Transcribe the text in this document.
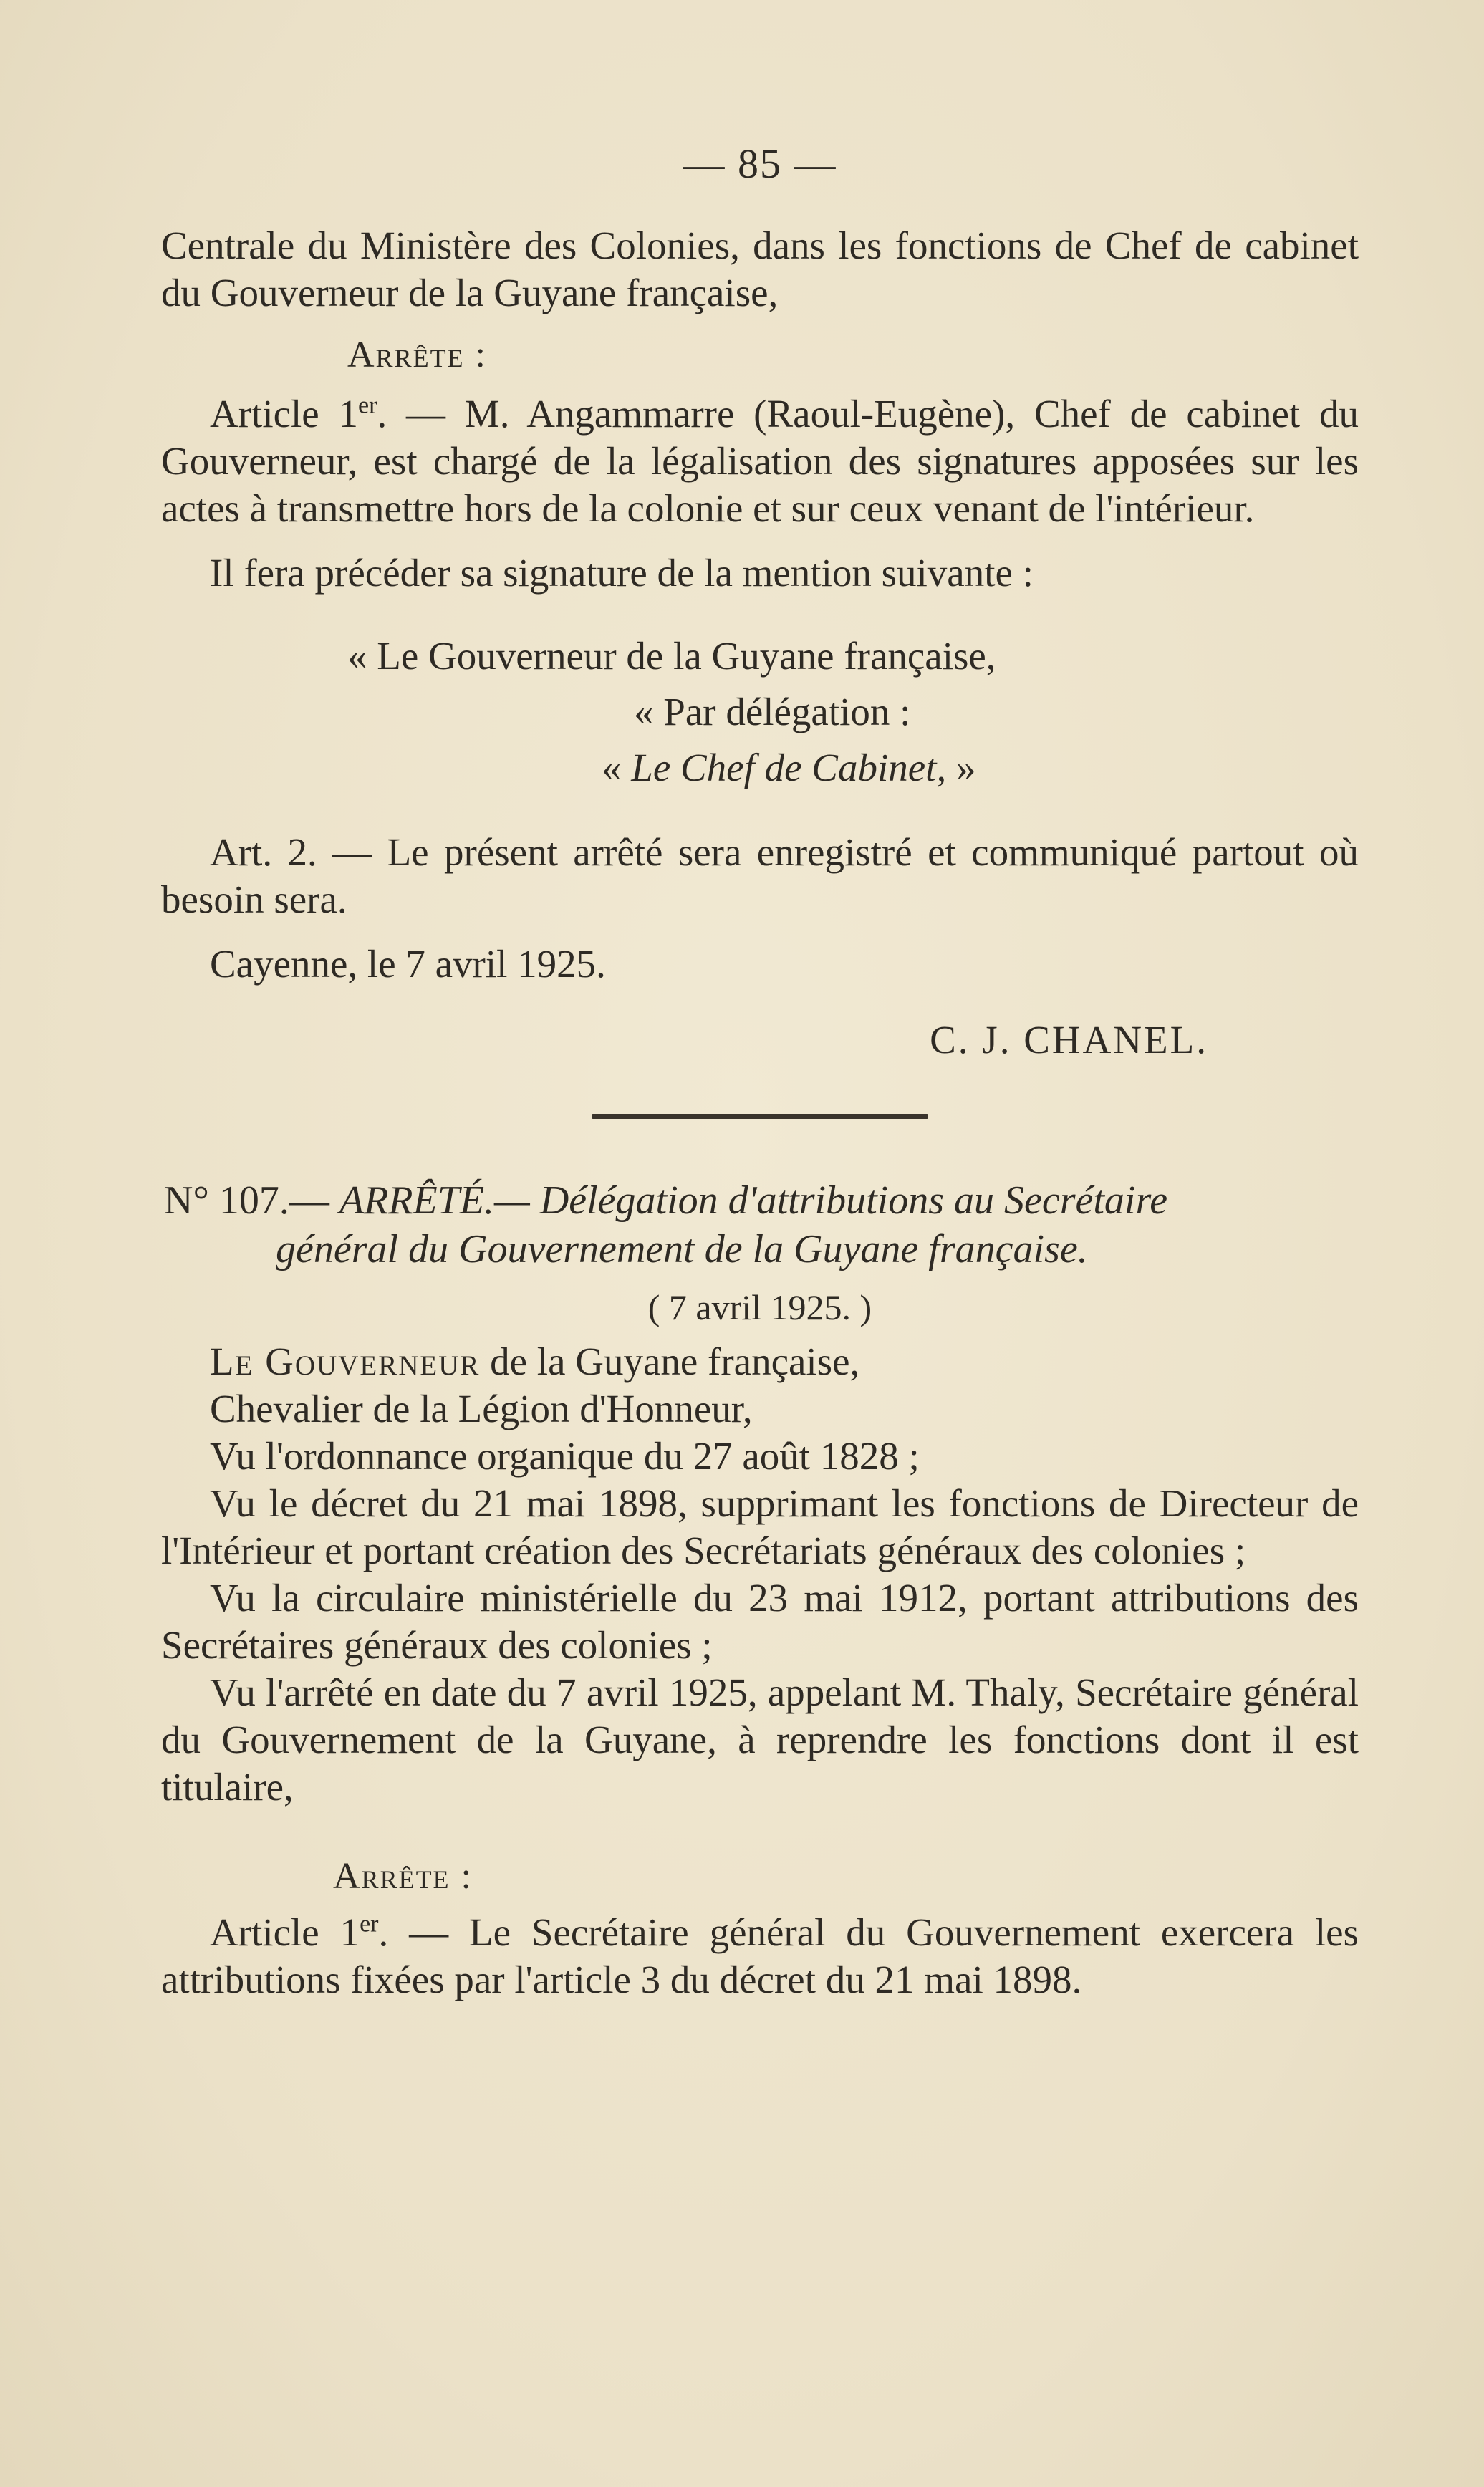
— 85 —

Centrale du Ministère des Colonies, dans les fonctions de Chef de cabinet du Gouverneur de la Guyane française,

Arrête :

Article 1er. — M. Angammarre (Raoul-Eugène), Chef de cabinet du Gouverneur, est chargé de la légalisation des signatures apposées sur les actes à transmettre hors de la colonie et sur ceux venant de l'intérieur.

Il fera précéder sa signature de la mention suivante :

« Le Gouverneur de la Guyane française,

« Par délégation :

« Le Chef de Cabinet, »

Art. 2. — Le présent arrêté sera enregistré et communiqué partout où besoin sera.

Cayenne, le 7 avril 1925.

C. J. CHANEL.

N° 107.— ARRÊTÉ.— Délégation d'attributions au Secrétaire
général du Gouvernement de la Guyane française.
( 7 avril 1925. )

Le Gouverneur de la Guyane française,

Chevalier de la Légion d'Honneur,

Vu l'ordonnance organique du 27 août 1828 ;

Vu le décret du 21 mai 1898, supprimant les fonctions de Directeur de l'Intérieur et portant création des Secrétariats généraux des colonies ;

Vu la circulaire ministérielle du 23 mai 1912, portant attributions des Secrétaires généraux des colonies ;

Vu l'arrêté en date du 7 avril 1925, appelant M. Thaly, Secrétaire général du Gouvernement de la Guyane, à reprendre les fonctions dont il est titulaire,

Arrête :

Article 1er. — Le Secrétaire général du Gouvernement exercera les attributions fixées par l'article 3 du décret du 21 mai 1898.
